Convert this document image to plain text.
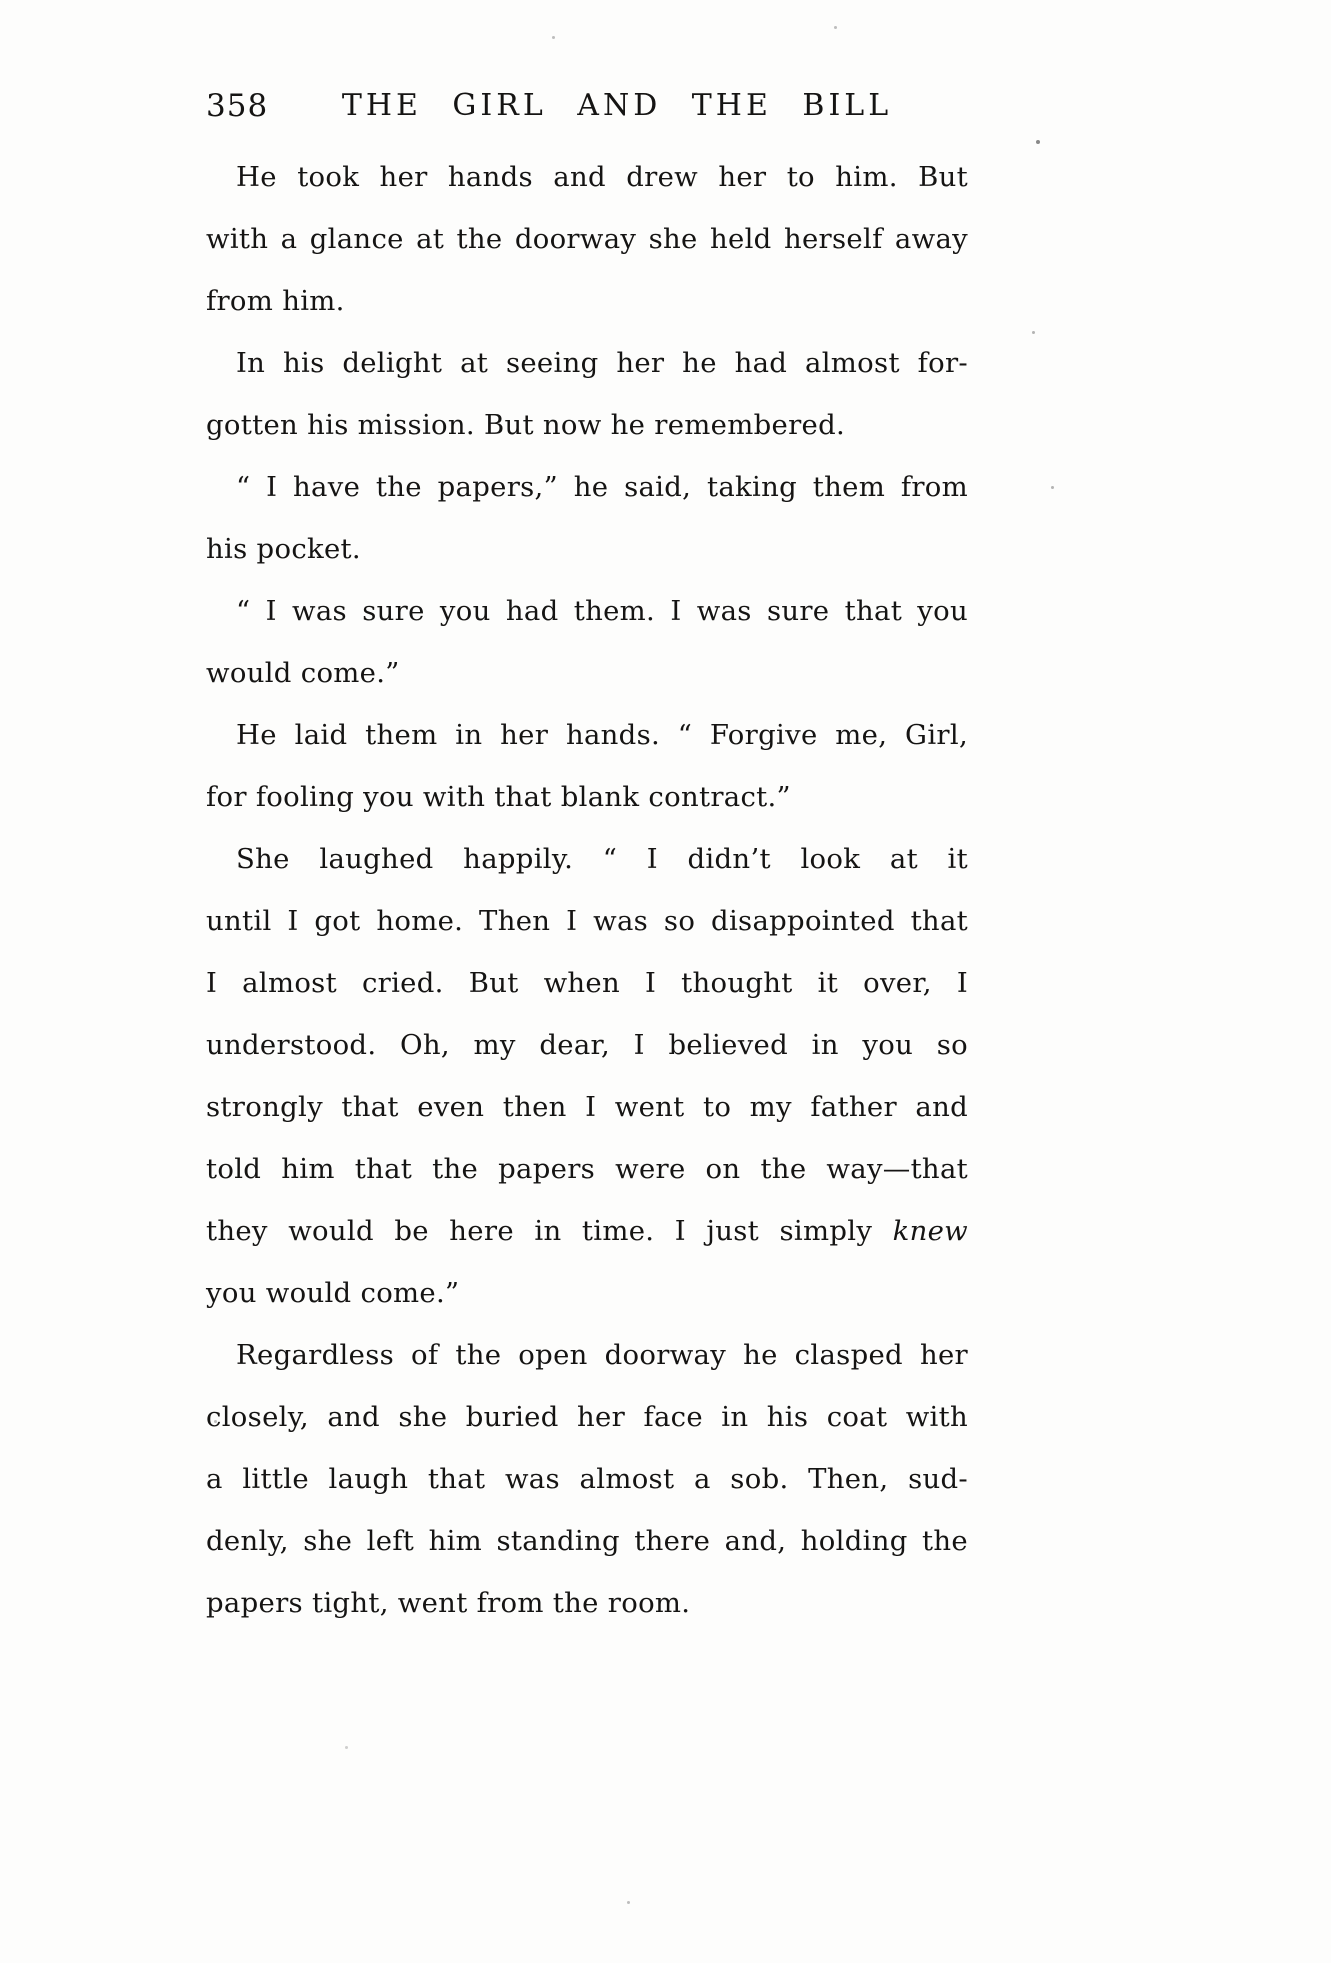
358	THE GIRL AND THE BILL
He took her hands and drew her to him. But
with a glance at the doorway she held herself away
from him.
In his delight at seeing her he had almost for-
gotten his mission. But now he remembered.
“ I have the papers,” he said, taking them from
his pocket.
“ I was sure you had them. I was sure that you
would come.”
He laid them in her hands. “ Forgive me, Girl,
for fooling you with that blank contract.”
She laughed happily. “ I didn’t look at it
until I got home. Then I was so disappointed that
I almost cried. But when I thought it over, I
understood. Oh, my dear, I believed in you so
strongly that even then I went to my father and
told him that the papers were on the way—that
they would be here in time. I just simply knew
you would come.”
Regardless of the open doorway he clasped her
closely, and she buried her face in his coat with
a little laugh that was almost a sob. Then, sud-
denly, she left him standing there and, holding the
papers tight, went from the room.
